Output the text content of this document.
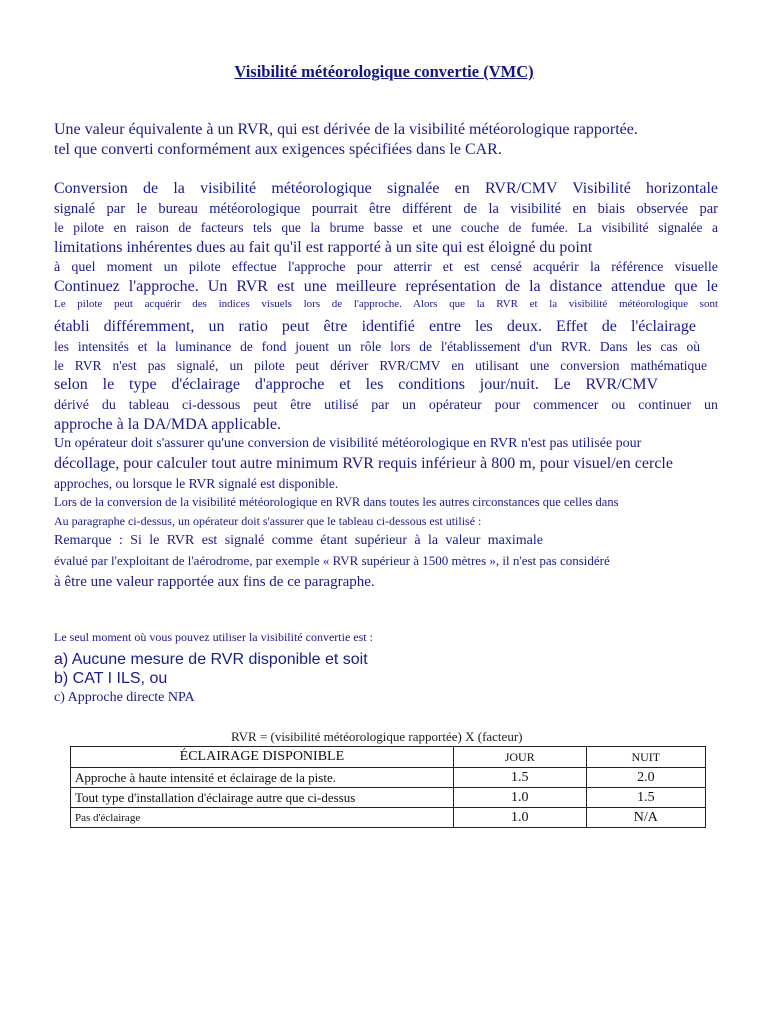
Visibilité météorologique convertie (VMC)
Une valeur équivalente à un RVR, qui est dérivée de la visibilité météorologique rapportée.
tel que converti conformément aux exigences spécifiées dans le CAR.
Conversion de la visibilité météorologique signalée en RVR/CMV Visibilité horizontale
signalé par le bureau météorologique pourrait être différent de la visibilité en biais observée par
le pilote en raison de facteurs tels que la brume basse et une couche de fumée. La visibilité signalée a
limitations inhérentes dues au fait qu'il est rapporté à un site qui est éloigné du point
à quel moment un pilote effectue l'approche pour atterrir et est censé acquérir la référence visuelle
Continuez l'approche. Un RVR est une meilleure représentation de la distance attendue que le
Le pilote peut acquérir des indices visuels lors de l'approche. Alors que la RVR et la visibilité météorologique sont
établi différemment, un ratio peut être identifié entre les deux. Effet de l'éclairage
les intensités et la luminance de fond jouent un rôle lors de l'établissement d'un RVR. Dans les cas où
le RVR n'est pas signalé, un pilote peut dériver RVR/CMV en utilisant une conversion mathématique
selon le type d'éclairage d'approche et les conditions jour/nuit. Le RVR/CMV
dérivé du tableau ci-dessous peut être utilisé par un opérateur pour commencer ou continuer un
approche à la DA/MDA applicable.
Un opérateur doit s'assurer qu'une conversion de visibilité météorologique en RVR n'est pas utilisée pour
décollage, pour calculer tout autre minimum RVR requis inférieur à 800 m, pour visuel/en cercle
approches, ou lorsque le RVR signalé est disponible.
Lors de la conversion de la visibilité météorologique en RVR dans toutes les autres circonstances que celles dans
Au paragraphe ci-dessus, un opérateur doit s'assurer que le tableau ci-dessous est utilisé :
Remarque : Si le RVR est signalé comme étant supérieur à la valeur maximale
évalué par l'exploitant de l'aérodrome, par exemple « RVR supérieur à 1500 mètres », il n'est pas considéré
à être une valeur rapportée aux fins de ce paragraphe.
Le seul moment où vous pouvez utiliser la visibilité convertie est :
a) Aucune mesure de RVR disponible et soit
b) CAT I ILS, ou
c) Approche directe NPA
RVR = (visibilité météorologique rapportée) X (facteur)
ÉCLAIRAGE DISPONIBLE	JOUR	NUIT
Approche à haute intensité et éclairage de la piste.	1.5	2.0
Tout type d'installation d'éclairage autre que ci-dessus	1.0	1.5
Pas d'éclairage	1.0	N/A
